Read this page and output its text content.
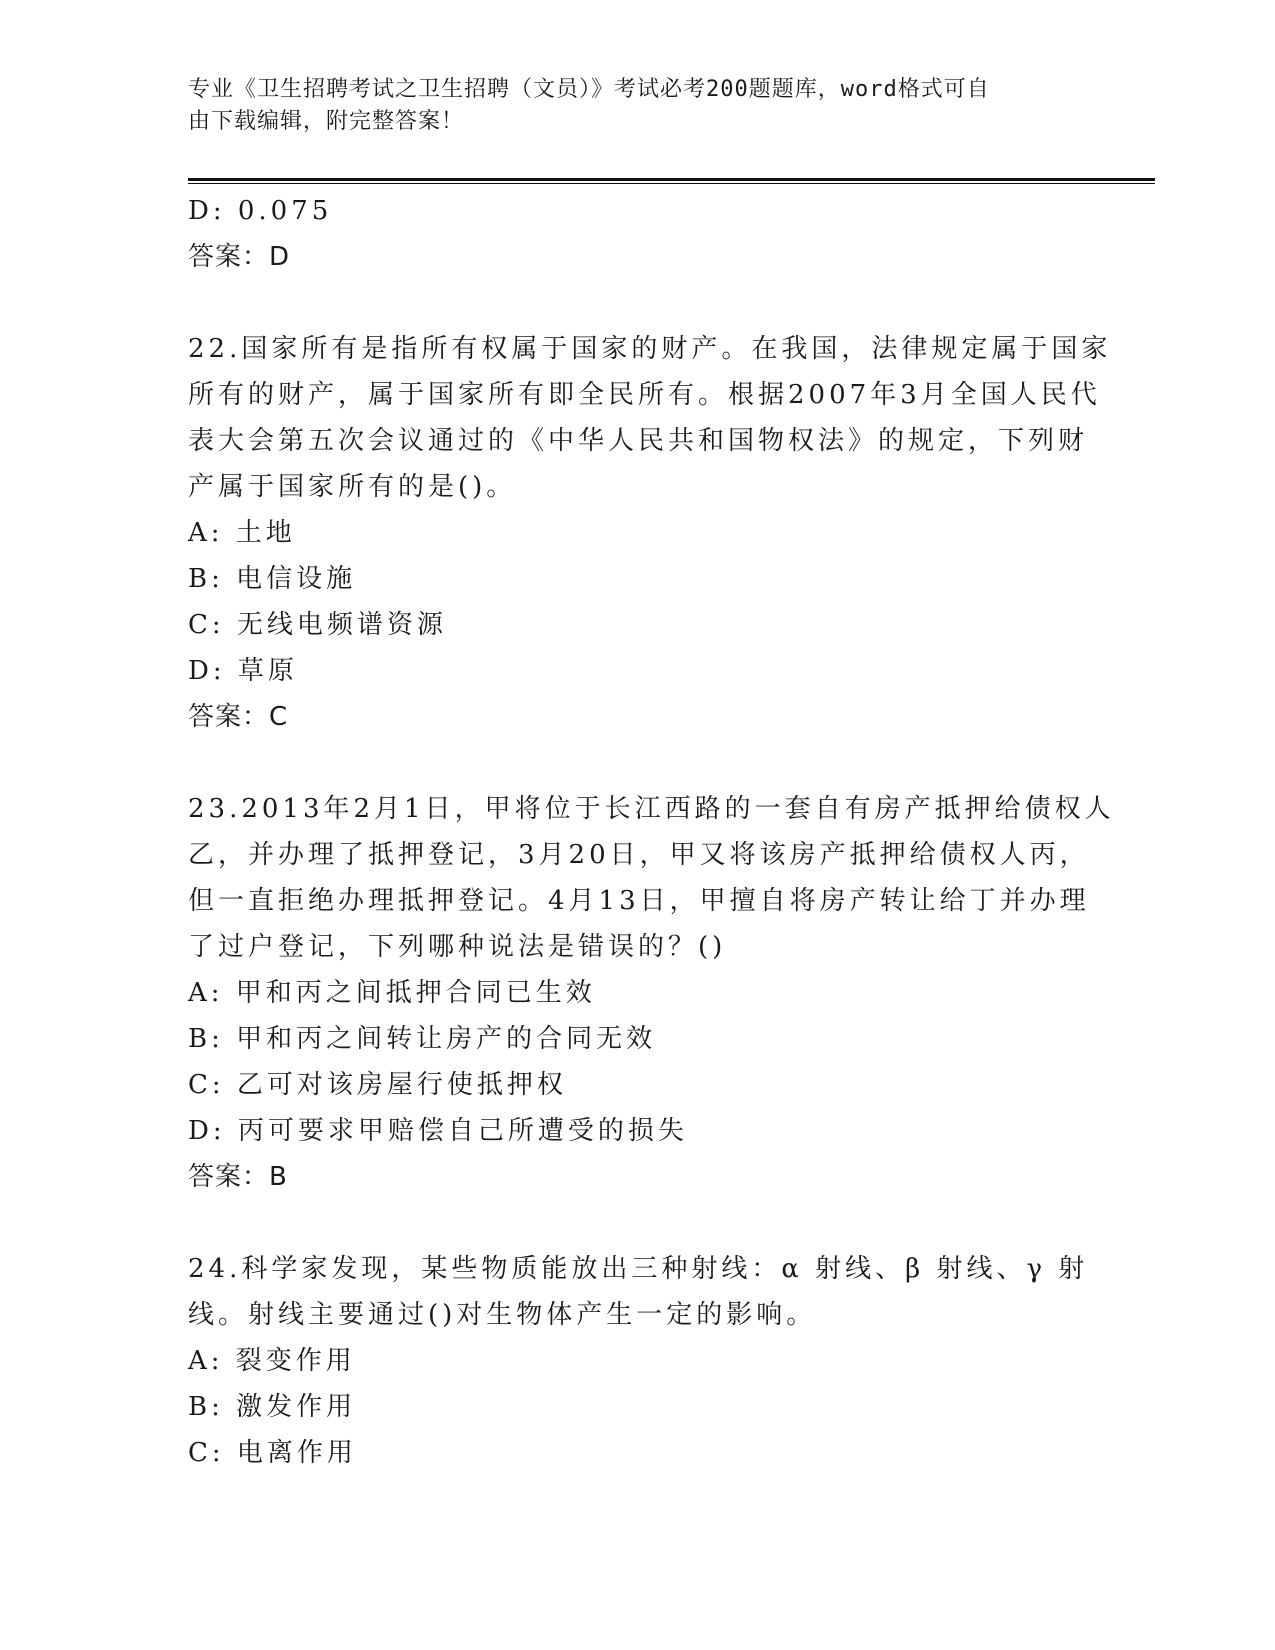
专业《卫生招聘考试之卫生招聘（文员）》考试必考200题题库，word格式可自
由下载编辑，附完整答案！
D: 0.075
答案：D
22.国家所有是指所有权属于国家的财产。在我国，法律规定属于国家
所有的财产，属于国家所有即全民所有。根据2007年3月全国人民代
表大会第五次会议通过的《中华人民共和国物权法》的规定，下列财
产属于国家所有的是()。
A: 土地
B: 电信设施
C: 无线电频谱资源
D: 草原
答案：C
23.2013年2月1日，甲将位于长江西路的一套自有房产抵押给债权人
乙，并办理了抵押登记，3月20日，甲又将该房产抵押给债权人丙，
但一直拒绝办理抵押登记。4月13日，甲擅自将房产转让给丁并办理
了过户登记，下列哪种说法是错误的？()
A: 甲和丙之间抵押合同已生效
B: 甲和丙之间转让房产的合同无效
C: 乙可对该房屋行使抵押权
D: 丙可要求甲赔偿自己所遭受的损失
答案：B
24.科学家发现，某些物质能放出三种射线：α 射线、β 射线、γ 射
线。射线主要通过()对生物体产生一定的影响。
A: 裂变作用
B: 激发作用
C: 电离作用
